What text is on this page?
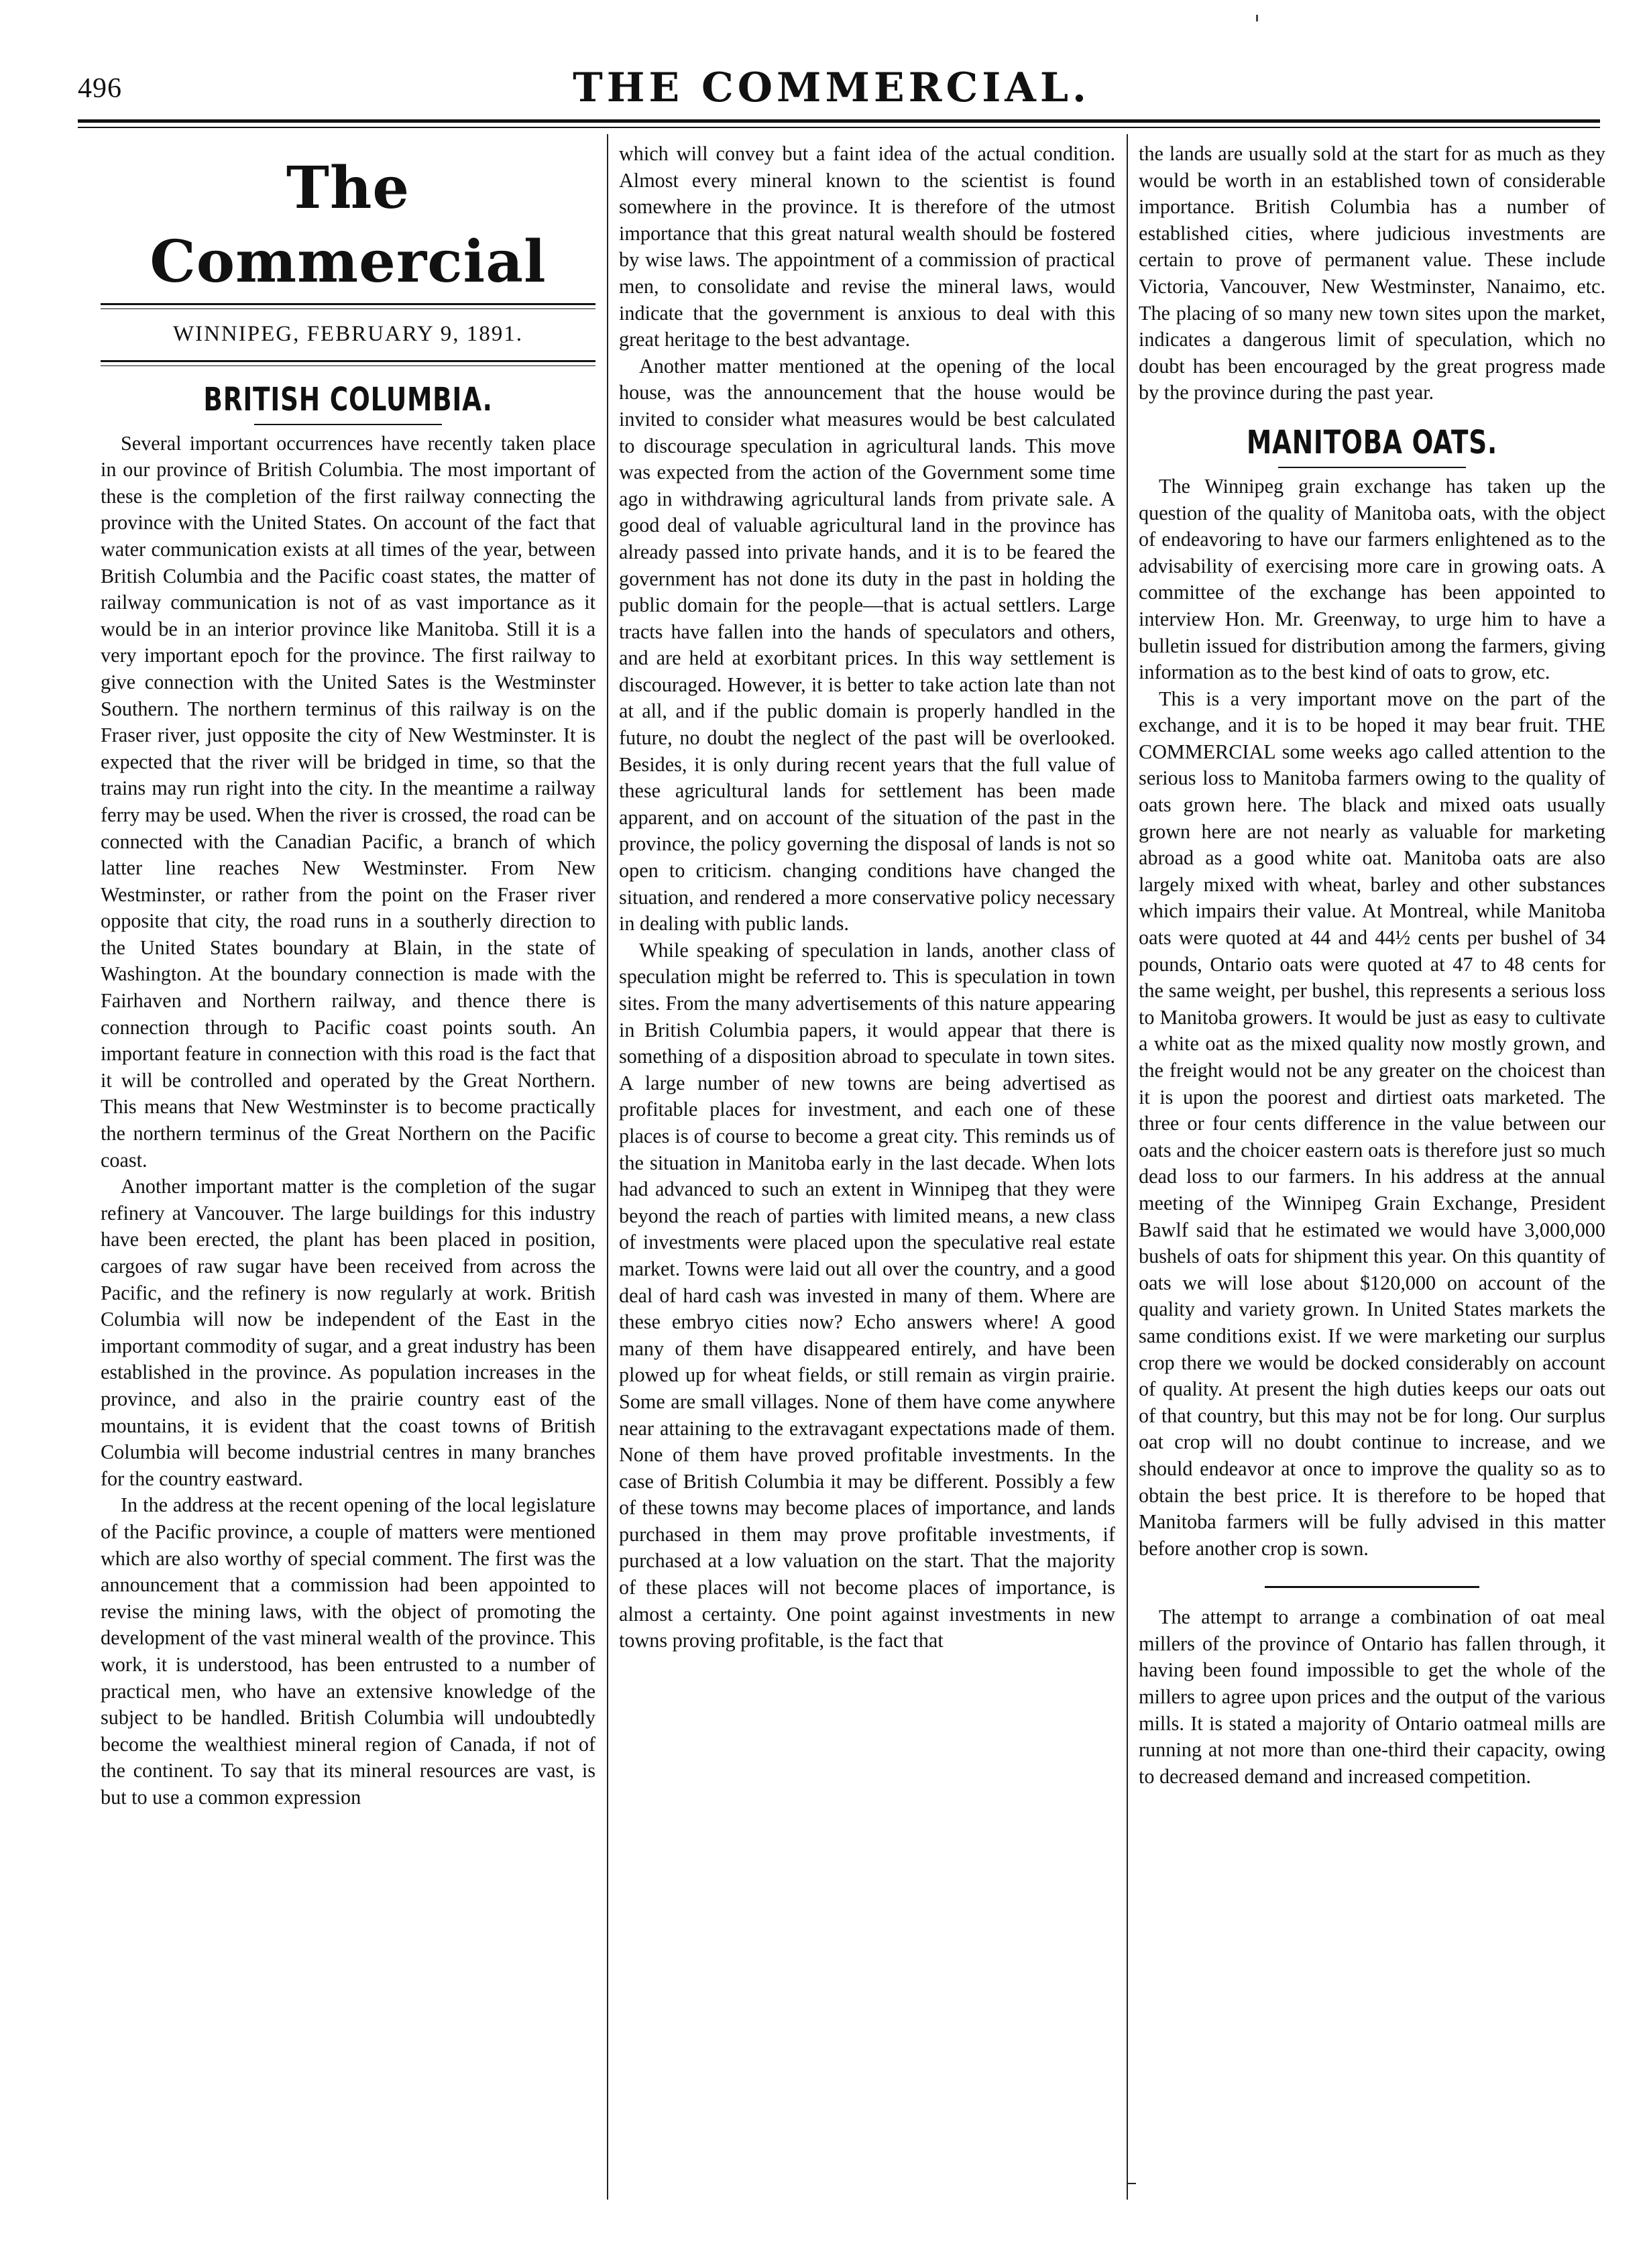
496	THE COMMERCIAL.
The Commercial
WINNIPEG, FEBRUARY 9, 1891.
BRITISH COLUMBIA.

Several important occurrences have recently taken place in our province of British Columbia. The most important of these is the completion of the first railway connecting the province with the United States. On account of the fact that water communication exists at all times of the year, between British Columbia and the Pacific coast states, the matter of railway communication is not of as vast importance as it would be in an interior province like Manitoba. Still it is a very important epoch for the province. The first railway to give connection with the United Sates is the Westminster Southern. The northern terminus of this railway is on the Fraser river, just opposite the city of New Westminster. It is expected that the river will be bridged in time, so that the trains may run right into the city. In the meantime a railway ferry may be used. When the river is crossed, the road can be connected with the Canadian Pacific, a branch of which latter line reaches New Westminster. From New Westminster, or rather from the point on the Fraser river opposite that city, the road runs in a southerly direction to the United States boundary at Blain, in the state of Washington. At the boundary connection is made with the Fairhaven and Northern railway, and thence there is connection through to Pacific coast points south. An important feature in connection with this road is the fact that it will be controlled and operated by the Great Northern. This means that New Westminster is to become practically the northern terminus of the Great Northern on the Pacific coast.

Another important matter is the completion of the sugar refinery at Vancouver. The large buildings for this industry have been erected, the plant has been placed in position, cargoes of raw sugar have been received from across the Pacific, and the refinery is now regularly at work. British Columbia will now be independent of the East in the important commodity of sugar, and a great industry has been established in the province. As population increases in the province, and also in the prairie country east of the mountains, it is evident that the coast towns of British Columbia will become industrial centres in many branches for the country eastward.

In the address at the recent opening of the local legislature of the Pacific province, a couple of matters were mentioned which are also worthy of special comment. The first was the announcement that a commission had been appointed to revise the mining laws, with the object of promoting the development of the vast mineral wealth of the province. This work, it is understood, has been entrusted to a number of practical men, who have an extensive knowledge of the subject to be handled. British Columbia will undoubtedly become the wealthiest mineral region of Canada, if not of the continent. To say that its mineral resources are vast, is but to use a common expression

which will convey but a faint idea of the actual condition. Almost every mineral known to the scientist is found somewhere in the province. It is therefore of the utmost importance that this great natural wealth should be fostered by wise laws. The appointment of a commission of practical men, to consolidate and revise the mineral laws, would indicate that the government is anxious to deal with this great heritage to the best advantage.

Another matter mentioned at the opening of the local house, was the announcement that the house would be invited to consider what measures would be best calculated to discourage speculation in agricultural lands. This move was expected from the action of the Government some time ago in withdrawing agricultural lands from private sale. A good deal of valuable agricultural land in the province has already passed into private hands, and it is to be feared the government has not done its duty in the past in holding the public domain for the people—that is actual settlers. Large tracts have fallen into the hands of speculators and others, and are held at exorbitant prices. In this way settlement is discouraged. However, it is better to take action late than not at all, and if the public domain is properly handled in the future, no doubt the neglect of the past will be overlooked. Besides, it is only during recent years that the full value of these agricultural lands for settlement has been made apparent, and on account of the situation of the past in the province, the policy governing the disposal of lands is not so open to criticism. changing conditions have changed the situation, and rendered a more conservative policy necessary in dealing with public lands.

While speaking of speculation in lands, another class of speculation might be referred to. This is speculation in town sites. From the many advertisements of this nature appearing in British Columbia papers, it would appear that there is something of a disposition abroad to speculate in town sites. A large number of new towns are being advertised as profitable places for investment, and each one of these places is of course to become a great city. This reminds us of the situation in Manitoba early in the last decade. When lots had advanced to such an extent in Winnipeg that they were beyond the reach of parties with limited means, a new class of investments were placed upon the speculative real estate market. Towns were laid out all over the country, and a good deal of hard cash was invested in many of them. Where are these embryo cities now? Echo answers where! A good many of them have disappeared entirely, and have been plowed up for wheat fields, or still remain as virgin prairie. Some are small villages. None of them have come anywhere near attaining to the extravagant expectations made of them. None of them have proved profitable investments. In the case of British Columbia it may be different. Possibly a few of these towns may become places of importance, and lands purchased in them may prove profitable investments, if purchased at a low valuation on the start. That the majority of these places will not become places of importance, is almost a certainty. One point against investments in new towns proving profitable, is the fact that

the lands are usually sold at the start for as much as they would be worth in an established town of considerable importance. British Columbia has a number of established cities, where judicious investments are certain to prove of permanent value. These include Victoria, Vancouver, New Westminster, Nanaimo, etc. The placing of so many new town sites upon the market, indicates a dangerous limit of speculation, which no doubt has been encouraged by the great progress made by the province during the past year.

MANITOBA OATS.

The Winnipeg grain exchange has taken up the question of the quality of Manitoba oats, with the object of endeavoring to have our farmers enlightened as to the advisability of exercising more care in growing oats. A committee of the exchange has been appointed to interview Hon. Mr. Greenway, to urge him to have a bulletin issued for distribution among the farmers, giving information as to the best kind of oats to grow, etc.

This is a very important move on the part of the exchange, and it is to be hoped it may bear fruit. THE COMMERCIAL some weeks ago called attention to the serious loss to Manitoba farmers owing to the quality of oats grown here. The black and mixed oats usually grown here are not nearly as valuable for marketing abroad as a good white oat. Manitoba oats are also largely mixed with wheat, barley and other substances which impairs their value. At Montreal, while Manitoba oats were quoted at 44 and 44½ cents per bushel of 34 pounds, Ontario oats were quoted at 47 to 48 cents for the same weight, per bushel, this represents a serious loss to Manitoba growers. It would be just as easy to cultivate a white oat as the mixed quality now mostly grown, and the freight would not be any greater on the choicest than it is upon the poorest and dirtiest oats marketed. The three or four cents difference in the value between our oats and the choicer eastern oats is therefore just so much dead loss to our farmers. In his address at the annual meeting of the Winnipeg Grain Exchange, President Bawlf said that he estimated we would have 3,000,000 bushels of oats for shipment this year. On this quantity of oats we will lose about $120,000 on account of the quality and variety grown. In United States markets the same conditions exist. If we were marketing our surplus crop there we would be docked considerably on account of quality. At present the high duties keeps our oats out of that country, but this may not be for long. Our surplus oat crop will no doubt continue to increase, and we should endeavor at once to improve the quality so as to obtain the best price. It is therefore to be hoped that Manitoba farmers will be fully advised in this matter before another crop is sown.

The attempt to arrange a combination of oat meal millers of the province of Ontario has fallen through, it having been found impossible to get the whole of the millers to agree upon prices and the output of the various mills. It is stated a majority of Ontario oatmeal mills are running at not more than one-third their capacity, owing to decreased demand and increased competition.
